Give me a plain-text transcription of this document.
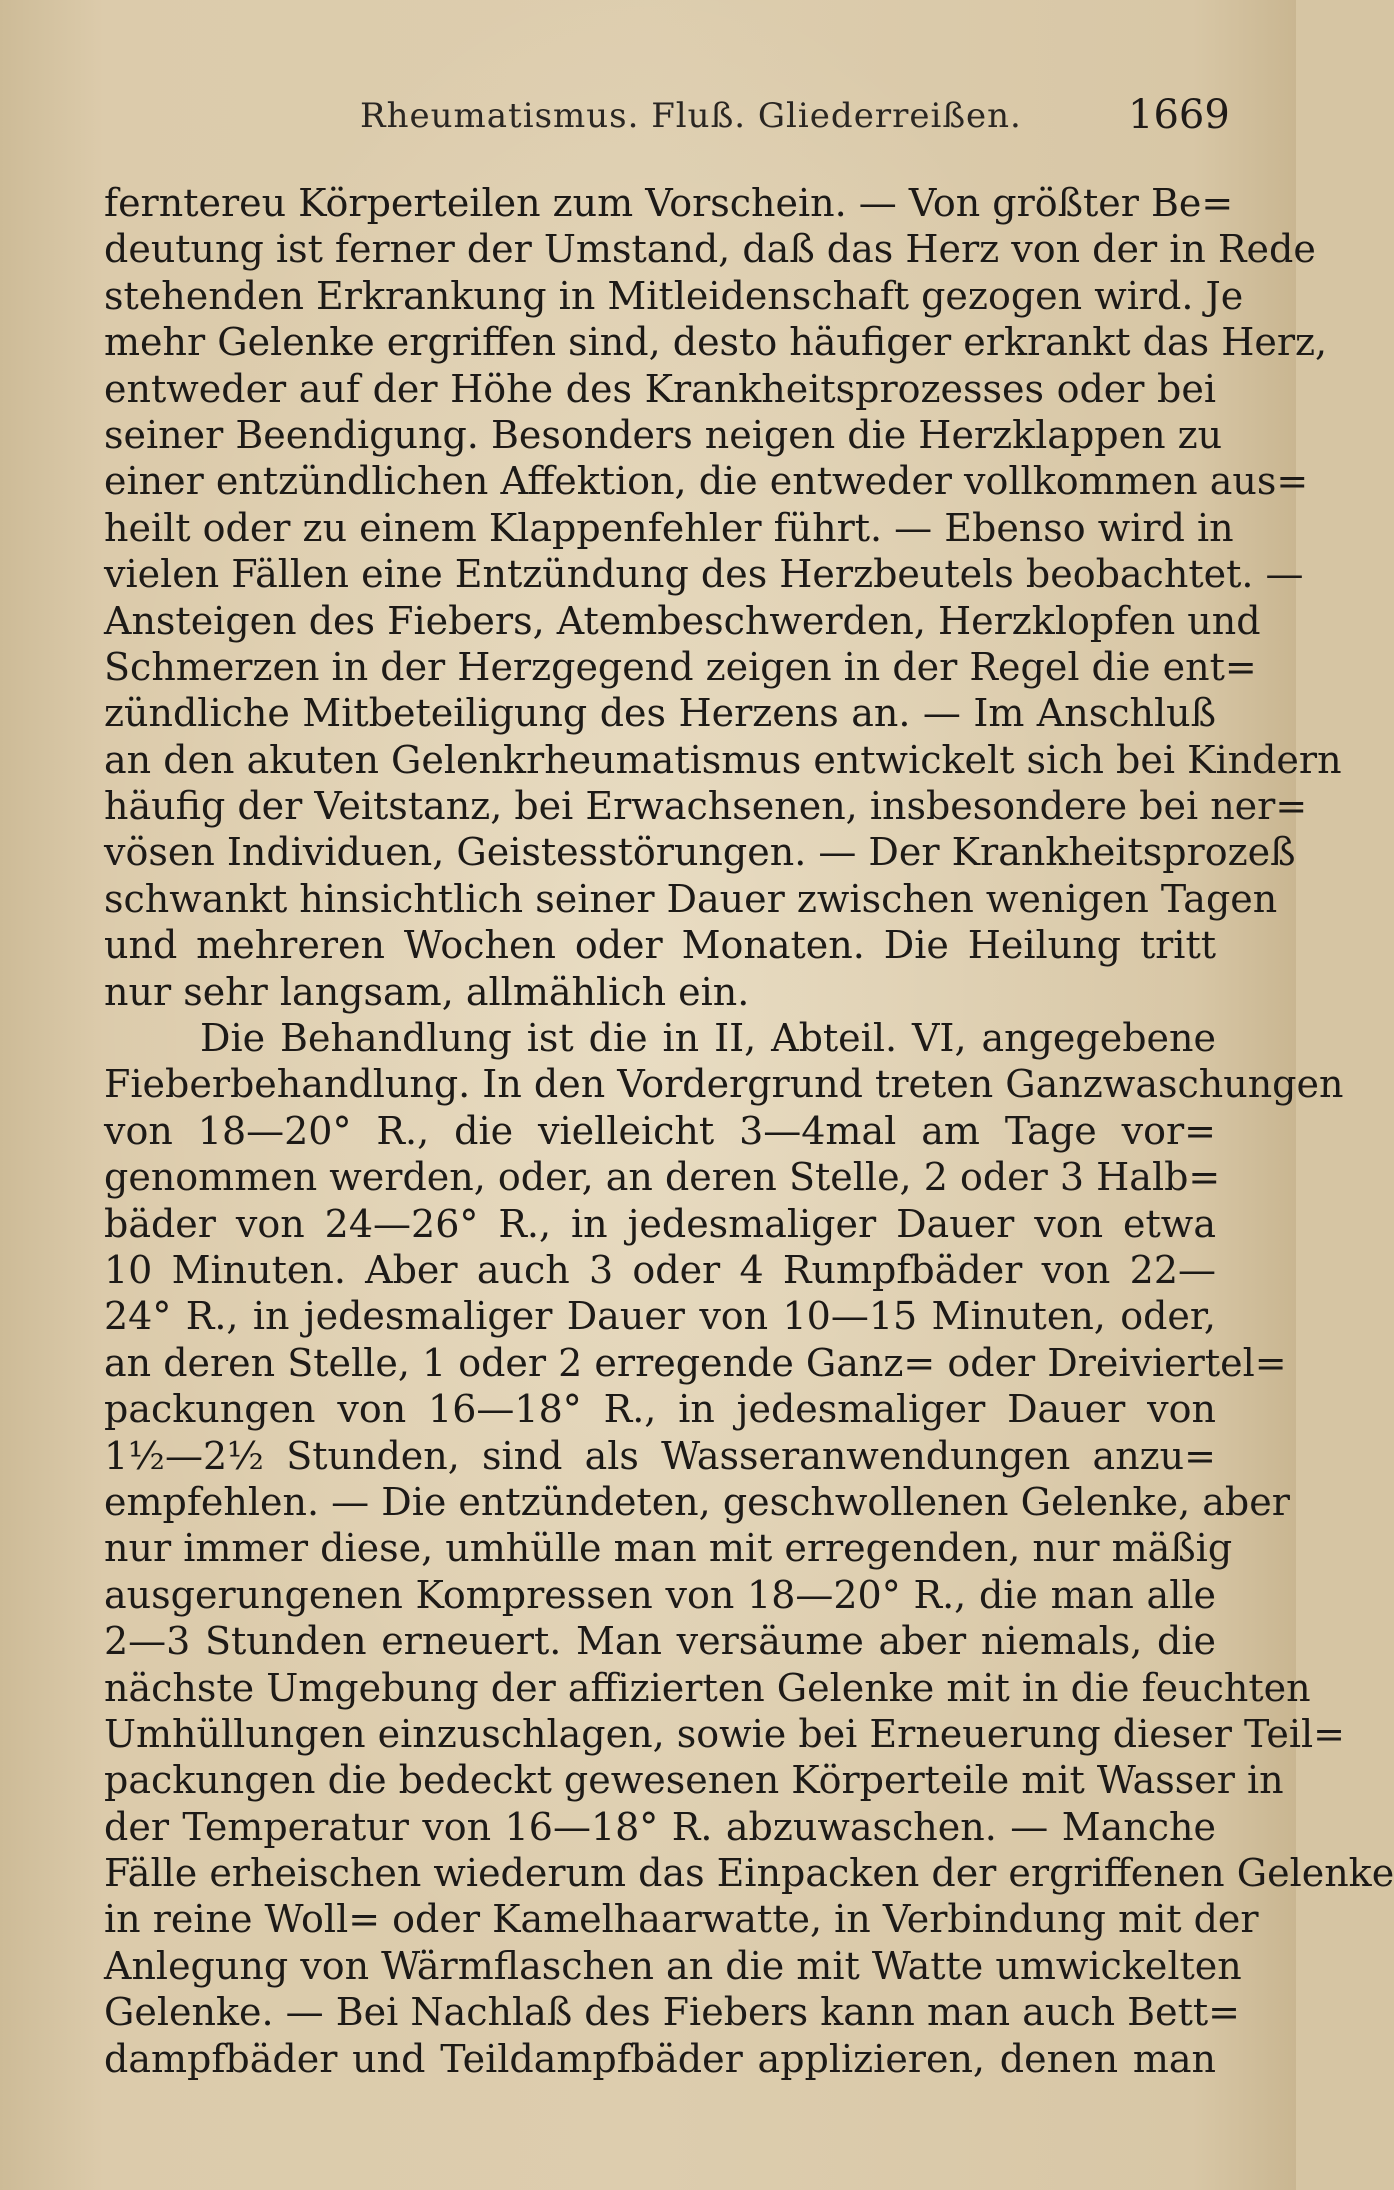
Rheumatismus. Fluß. Gliederreißen.	1669
ferntereu Körperteilen zum Vorschein. — Von größter Be=
deutung ist ferner der Umstand, daß das Herz von der in Rede
stehenden Erkrankung in Mitleidenschaft gezogen wird. Je
mehr Gelenke ergriffen sind, desto häufiger erkrankt das Herz,
entweder auf der Höhe des Krankheitsprozesses oder bei
seiner Beendigung. Besonders neigen die Herzklappen zu
einer entzündlichen Affektion, die entweder vollkommen aus=
heilt oder zu einem Klappenfehler führt. — Ebenso wird in
vielen Fällen eine Entzündung des Herzbeutels beobachtet. —
Ansteigen des Fiebers, Atembeschwerden, Herzklopfen und
Schmerzen in der Herzgegend zeigen in der Regel die ent=
zündliche Mitbeteiligung des Herzens an. — Im Anschluß
an den akuten Gelenkrheumatismus entwickelt sich bei Kindern
häufig der Veitstanz, bei Erwachsenen, insbesondere bei ner=
vösen Individuen, Geistesstörungen. — Der Krankheitsprozeß
schwankt hinsichtlich seiner Dauer zwischen wenigen Tagen
und mehreren Wochen oder Monaten. Die Heilung tritt
nur sehr langsam, allmählich ein.
Die Behandlung ist die in II, Abteil. VI, angegebene
Fieberbehandlung. In den Vordergrund treten Ganzwaschungen
von 18—20° R., die vielleicht 3—4mal am Tage vor=
genommen werden, oder, an deren Stelle, 2 oder 3 Halb=
bäder von 24—26° R., in jedesmaliger Dauer von etwa
10 Minuten. Aber auch 3 oder 4 Rumpfbäder von 22—
24° R., in jedesmaliger Dauer von 10—15 Minuten, oder,
an deren Stelle, 1 oder 2 erregende Ganz= oder Dreiviertel=
packungen von 16—18° R., in jedesmaliger Dauer von
1½—2½ Stunden, sind als Wasseranwendungen anzu=
empfehlen. — Die entzündeten, geschwollenen Gelenke, aber
nur immer diese, umhülle man mit erregenden, nur mäßig
ausgerungenen Kompressen von 18—20° R., die man alle
2—3 Stunden erneuert. Man versäume aber niemals, die
nächste Umgebung der affizierten Gelenke mit in die feuchten
Umhüllungen einzuschlagen, sowie bei Erneuerung dieser Teil=
packungen die bedeckt gewesenen Körperteile mit Wasser in
der Temperatur von 16—18° R. abzuwaschen. — Manche
Fälle erheischen wiederum das Einpacken der ergriffenen Gelenke
in reine Woll= oder Kamelhaarwatte, in Verbindung mit der
Anlegung von Wärmflaschen an die mit Watte umwickelten
Gelenke. — Bei Nachlaß des Fiebers kann man auch Bett=
dampfbäder und Teildampfbäder applizieren, denen man
